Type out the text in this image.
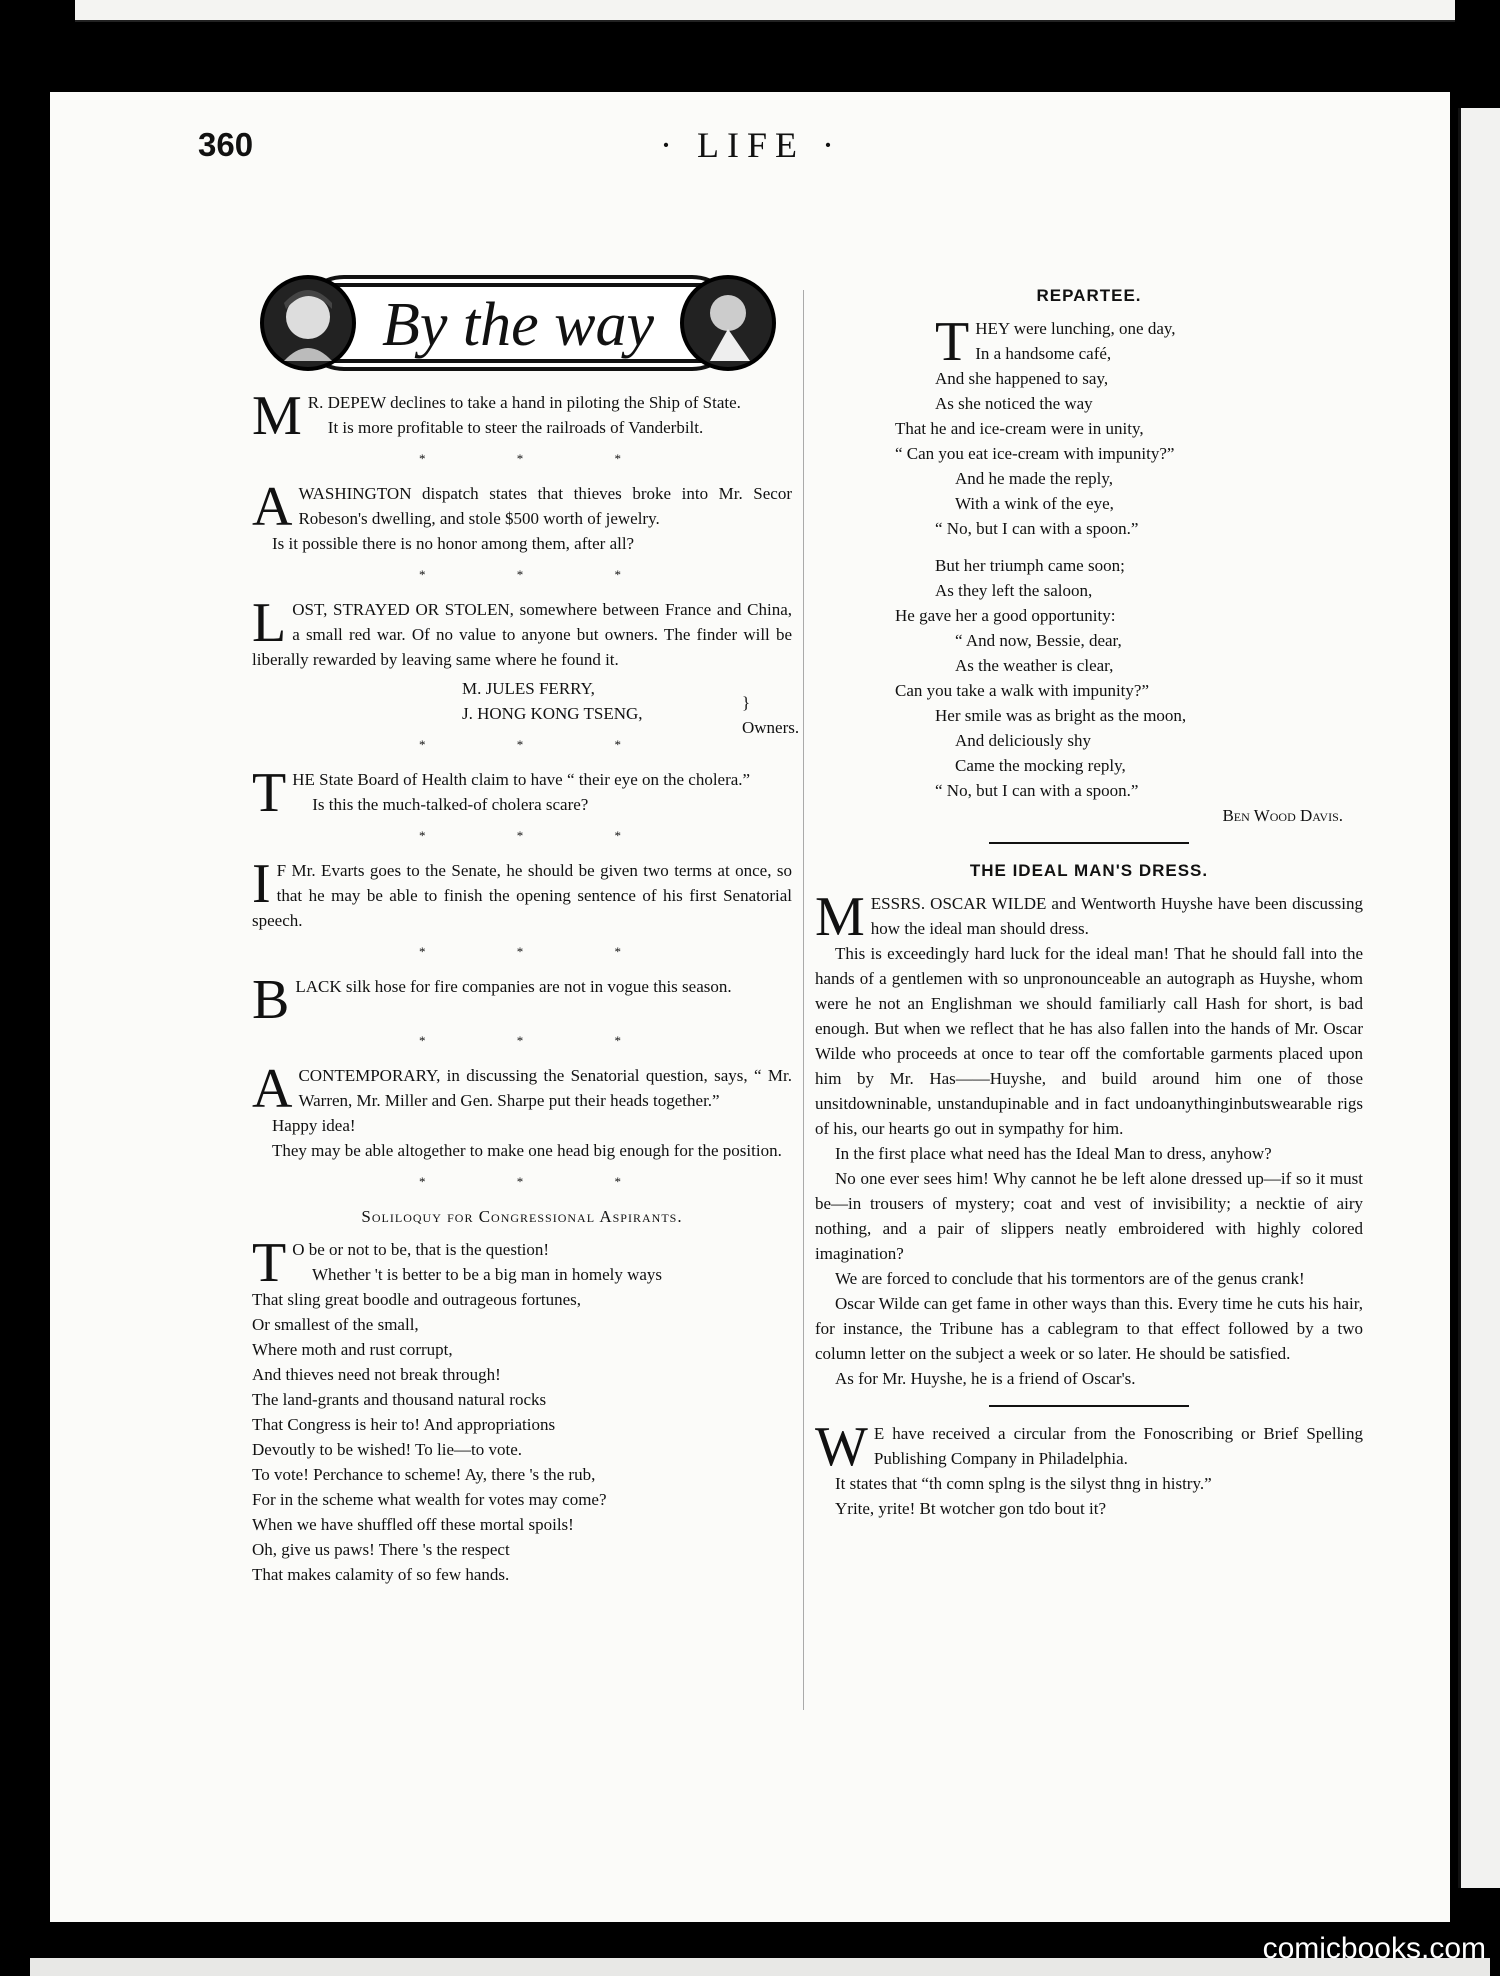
360	· LIFE ·
By the way

M R. DEPEW declines to take a hand in piloting the Ship of State.

It is more profitable to steer the railroads of Vanderbilt.

* * *

AWASHINGTON dispatch states that thieves broke into Mr. Secor Robeson's dwelling, and stole $500 worth of jewelry.

Is it possible there is no honor among them, after all?

* * *

LOST, STRAYED OR STOLEN, somewhere between France and China, a small red war. Of no value to anyone but owners. The finder will be liberally rewarded by leaving same where he found it.

M. JULES FERRY,
J. HONG KONG TSENG,
} Owners.
* * *

THE State Board of Health claim to have “ their eye on the cholera.”

Is this the much-talked-of cholera scare?

* * *

I F Mr. Evarts goes to the Senate, he should be given two terms at once, so that he may be able to finish the opening sentence of his first Senatorial speech.

* * *

BLACK silk hose for fire companies are not in vogue this season.

* * *

ACONTEMPORARY, in discussing the Senatorial question, says, “ Mr. Warren, Mr. Miller and Gen. Sharpe put their heads together.”

Happy idea!

They may be able altogether to make one head big enough for the position.

* * *
Soliloquy for Congressional Aspirants.
T O be or not to be, that is the question!
Whether 't is better to be a big man in homely ways
That sling great boodle and outrageous fortunes,
Or smallest of the small,
Where moth and rust corrupt,
And thieves need not break through!
The land-grants and thousand natural rocks
That Congress is heir to! And appropriations
Devoutly to be wished! To lie—to vote.
To vote! Perchance to scheme! Ay, there 's the rub,
For in the scheme what wealth for votes may come?
When we have shuffled off these mortal spoils!
Oh, give us paws! There 's the respect
That makes calamity of so few hands.
REPARTEE.
T HEY were lunching, one day,
In a handsome café,
And she happened to say,
As she noticed the way
That he and ice-cream were in unity,
“ Can you eat ice-cream with impunity?”
And he made the reply,
With a wink of the eye,
“ No, but I can with a spoon.”
But her triumph came soon;
As they left the saloon,
He gave her a good opportunity:
“ And now, Bessie, dear,
As the weather is clear,
Can you take a walk with impunity?”
Her smile was as bright as the moon,
And deliciously shy
Came the mocking reply,
“ No, but I can with a spoon.”
Ben Wood Davis.
THE IDEAL MAN'S DRESS.

MESSRS. OSCAR WILDE and Wentworth Huyshe have been discussing how the ideal man should dress.

This is exceedingly hard luck for the ideal man! That he should fall into the hands of a gentlemen with so unpronounceable an autograph as Huyshe, whom were he not an Englishman we should familiarly call Hash for short, is bad enough. But when we reflect that he has also fallen into the hands of Mr. Oscar Wilde who proceeds at once to tear off the comfortable garments placed upon him by Mr. Has——Huyshe, and build around him one of those unsitdowninable, unstandupinable and in fact undoanythinginbutswearable rigs of his, our hearts go out in sympathy for him.

In the first place what need has the Ideal Man to dress, anyhow?

No one ever sees him! Why cannot he be left alone dressed up—if so it must be—in trousers of mystery; coat and vest of invisibility; a necktie of airy nothing, and a pair of slippers neatly embroidered with highly colored imagination?

We are forced to conclude that his tormentors are of the genus crank!

Oscar Wilde can get fame in other ways than this. Every time he cuts his hair, for instance, the Tribune has a cablegram to that effect followed by a two column letter on the subject a week or so later. He should be satisfied.

As for Mr. Huyshe, he is a friend of Oscar's.

W E have received a circular from the Fonoscribing or Brief Spelling Publishing Company in Philadelphia.

It states that “th comn splng is the silyst thng in histry.”

Yrite, yrite! Bt wotcher gon tdo bout it?

comicbooks.com
